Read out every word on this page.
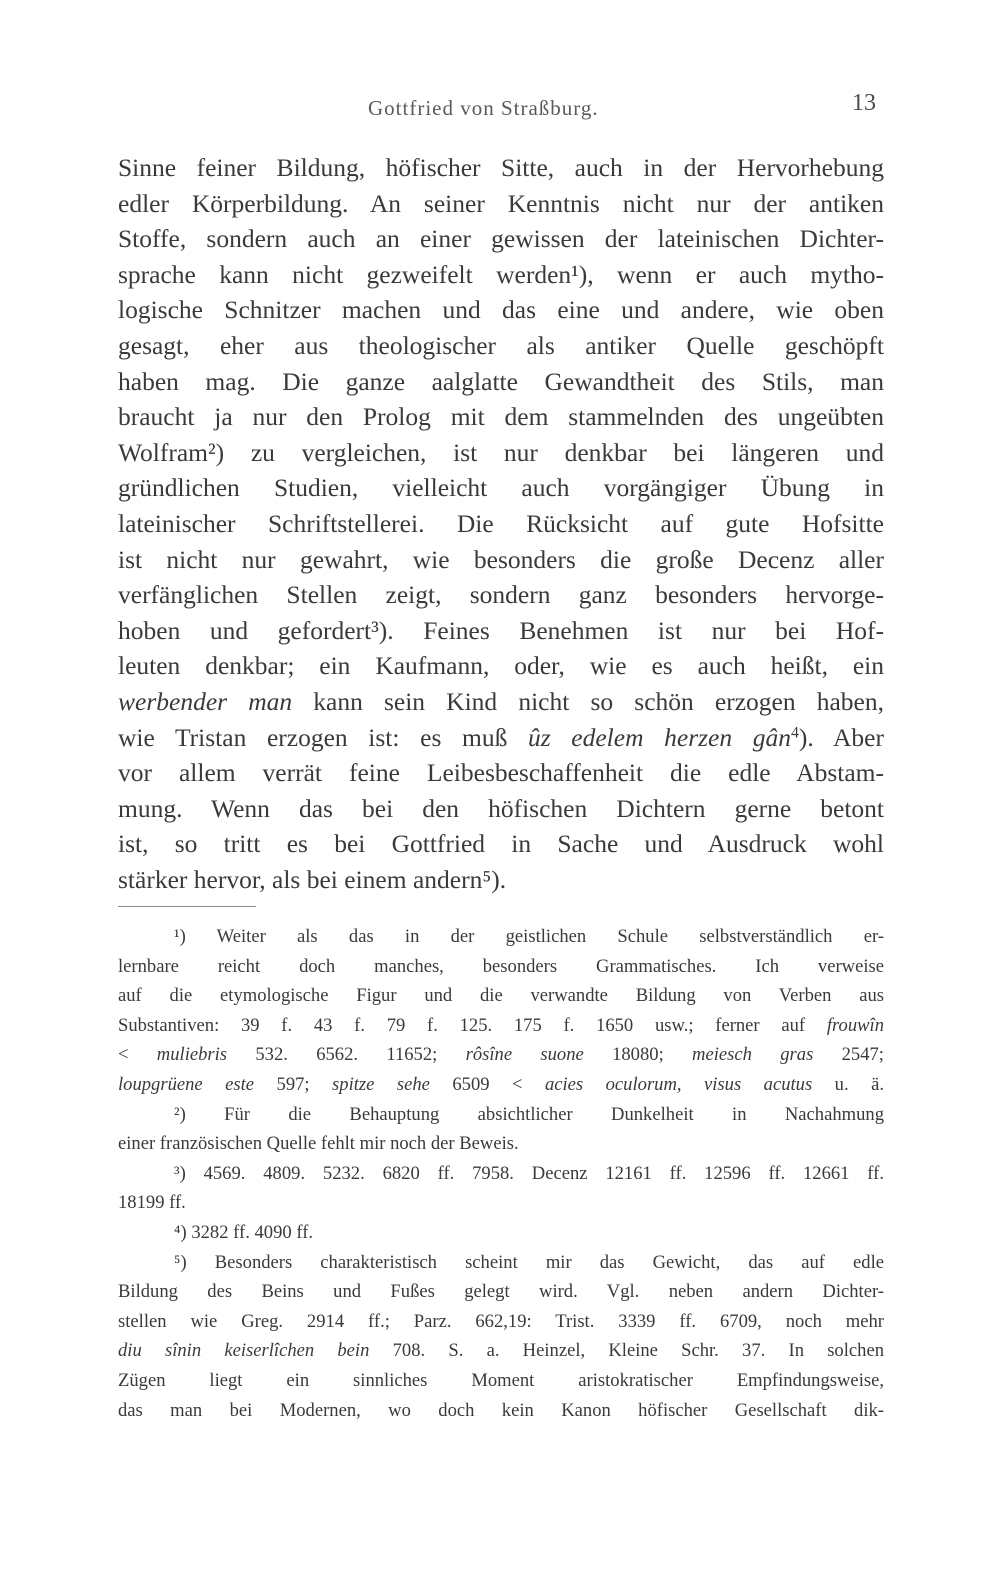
Gottfried von Straßburg.	13
Sinne feiner Bildung, höfischer Sitte, auch in der Hervorhebung
edler Körperbildung. An seiner Kenntnis nicht nur der antiken
Stoffe, sondern auch an einer gewissen der lateinischen Dichter-
sprache kann nicht gezweifelt werden¹), wenn er auch mytho-
logische Schnitzer machen und das eine und andere, wie oben
gesagt, eher aus theologischer als antiker Quelle geschöpft
haben mag. Die ganze aalglatte Gewandtheit des Stils, man
braucht ja nur den Prolog mit dem stammelnden des ungeübten
Wolfram²) zu vergleichen, ist nur denkbar bei längeren und
gründlichen Studien, vielleicht auch vorgängiger Übung in
lateinischer Schriftstellerei. Die Rücksicht auf gute Hofsitte
ist nicht nur gewahrt, wie besonders die große Decenz aller
verfänglichen Stellen zeigt, sondern ganz besonders hervorge-
hoben und gefordert³). Feines Benehmen ist nur bei Hof-
leuten denkbar; ein Kaufmann, oder, wie es auch heißt, ein
werbender man kann sein Kind nicht so schön erzogen haben,
wie Tristan erzogen ist: es muß ûz edelem herzen gân$^4$). Aber
vor allem verrät feine Leibesbeschaffenheit die edle Abstam-
mung. Wenn das bei den höfischen Dichtern gerne betont
ist, so tritt es bei Gottfried in Sache und Ausdruck wohl
stärker hervor, als bei einem andern⁵).
¹) Weiter als das in der geistlichen Schule selbstverständlich er-
lernbare reicht doch manches, besonders Grammatisches. Ich verweise
auf die etymologische Figur und die verwandte Bildung von Verben aus
Substantiven: 39 f. 43 f. 79 f. 125. 175 f. 1650 usw.; ferner auf frouwîn
< muliebris 532. 6562. 11652; rôsîne suone 18080; meiesch gras 2547;
loupgrüene este 597; spitze sehe 6509 < acies oculorum, visus acutus u. ä.
²) Für die Behauptung absichtlicher Dunkelheit in Nachahmung
einer französischen Quelle fehlt mir noch der Beweis.
³) 4569. 4809. 5232. 6820 ff. 7958. Decenz 12161 ff. 12596 ff. 12661 ff.
18199 ff.
⁴) 3282 ff. 4090 ff.
⁵) Besonders charakteristisch scheint mir das Gewicht, das auf edle
Bildung des Beins und Fußes gelegt wird. Vgl. neben andern Dichter-
stellen wie Greg. 2914 ff.; Parz. 662,19: Trist. 3339 ff. 6709, noch mehr
diu sînin keiserlîchen bein 708. S. a. Heinzel, Kleine Schr. 37. In solchen
Zügen liegt ein sinnliches Moment aristokratischer Empfindungsweise,
das man bei Modernen, wo doch kein Kanon höfischer Gesellschaft dik-
